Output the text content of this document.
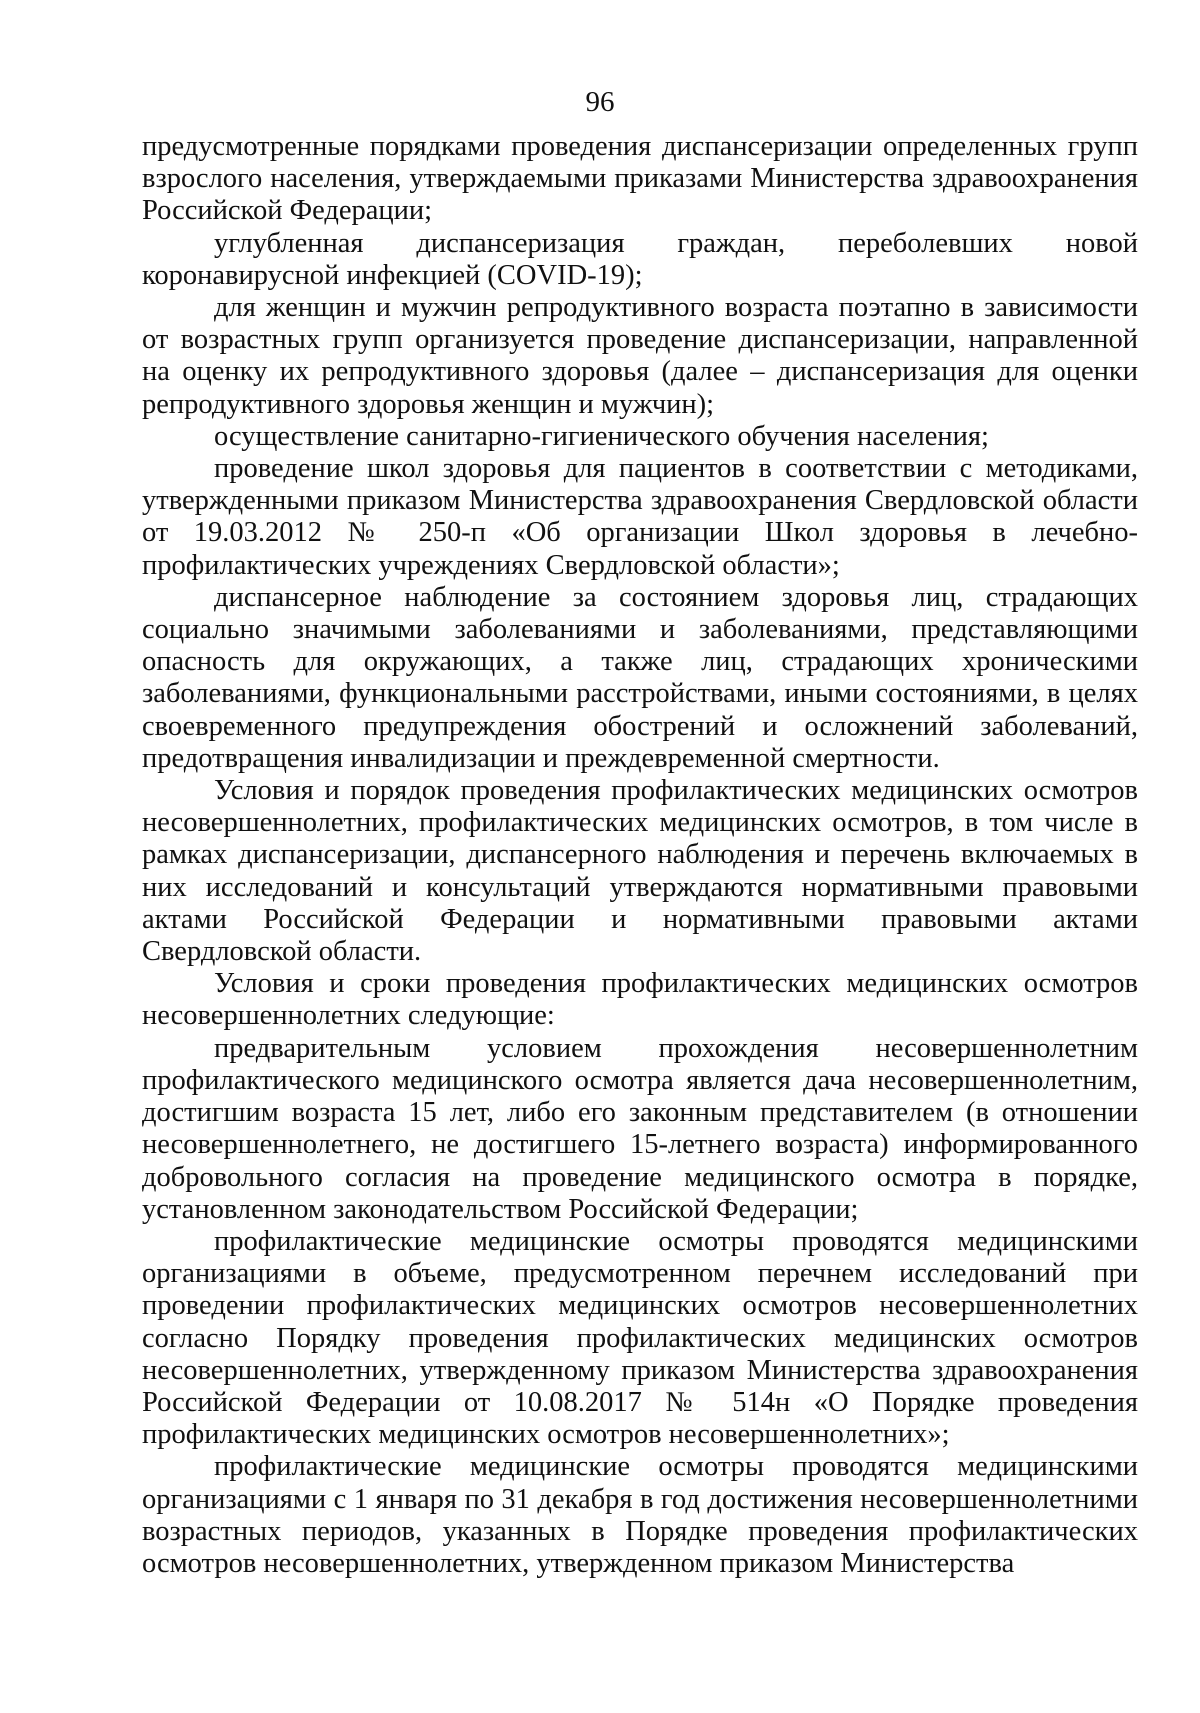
96

предусмотренные порядками проведения диспансеризации определенных групп взрослого населения, утверждаемыми приказами Министерства здравоохранения Российской Федерации;

углубленная диспансеризация граждан, переболевших новой коронавирусной инфекцией (COVID-19);

для женщин и мужчин репродуктивного возраста поэтапно в зависимости от возрастных групп организуется проведение диспансеризации, направленной на оценку их репродуктивного здоровья (далее – диспансеризация для оценки репродуктивного здоровья женщин и мужчин);

осуществление санитарно-гигиенического обучения населения;

проведение школ здоровья для пациентов в соответствии с методиками, утвержденными приказом Министерства здравоохранения Свердловской области от 19.03.2012 № 250-п «Об организации Школ здоровья в лечебно-профилактических учреждениях Свердловской области»;

диспансерное наблюдение за состоянием здоровья лиц, страдающих социально значимыми заболеваниями и заболеваниями, представляющими опасность для окружающих, а также лиц, страдающих хроническими заболеваниями, функциональными расстройствами, иными состояниями, в целях своевременного предупреждения обострений и осложнений заболеваний, предотвращения инвалидизации и преждевременной смертности.

Условия и порядок проведения профилактических медицинских осмотров несовершеннолетних, профилактических медицинских осмотров, в том числе в рамках диспансеризации, диспансерного наблюдения и перечень включаемых в них исследований и консультаций утверждаются нормативными правовыми актами Российской Федерации и нормативными правовыми актами Свердловской области.

Условия и сроки проведения профилактических медицинских осмотров несовершеннолетних следующие:

предварительным условием прохождения несовершеннолетним профилактического медицинского осмотра является дача несовершеннолетним, достигшим возраста 15 лет, либо его законным представителем (в отношении несовершеннолетнего, не достигшего 15-летнего возраста) информированного добровольного согласия на проведение медицинского осмотра в порядке, установленном законодательством Российской Федерации;

профилактические медицинские осмотры проводятся медицинскими организациями в объеме, предусмотренном перечнем исследований при проведении профилактических медицинских осмотров несовершеннолетних согласно Порядку проведения профилактических медицинских осмотров несовершеннолетних, утвержденному приказом Министерства здравоохранения Российской Федерации от 10.08.2017 № 514н «О Порядке проведения профилактических медицинских осмотров несовершеннолетних»;

профилактические медицинские осмотры проводятся медицинскими организациями с 1 января по 31 декабря в год достижения несовершеннолетними возрастных периодов, указанных в Порядке проведения профилактических осмотров несовершеннолетних, утвержденном приказом Министерства
